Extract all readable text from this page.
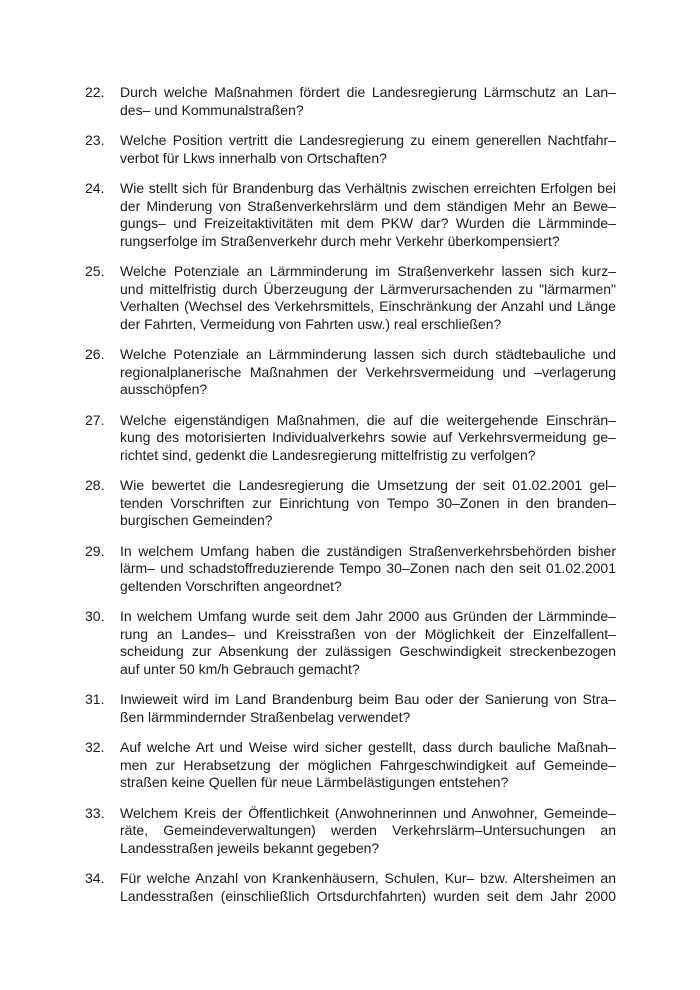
22.	Durch welche Maßnahmen fördert die Landesregierung Lärmschutz an Lan–
des– und Kommunalstraßen?
23.	Welche Position vertritt die Landesregierung zu einem generellen Nachtfahr–
verbot für Lkws innerhalb von Ortschaften?
24.	Wie stellt sich für Brandenburg das Verhältnis zwischen erreichten Erfolgen bei
der Minderung von Straßenverkehrslärm und dem ständigen Mehr an Bewe–
gungs– und Freizeitaktivitäten mit dem PKW dar? Wurden die Lärmminde–
rungserfolge im Straßenverkehr durch mehr Verkehr überkompensiert?
25.	Welche Potenziale an Lärmminderung im Straßenverkehr lassen sich kurz–
und mittelfristig durch Überzeugung der Lärmverursachenden zu "lärmarmen"
Verhalten (Wechsel des Verkehrsmittels, Einschränkung der Anzahl und Länge
der Fahrten, Vermeidung von Fahrten usw.) real erschließen?
26.	Welche Potenziale an Lärmminderung lassen sich durch städtebauliche und
regionalplanerische Maßnahmen der Verkehrsvermeidung und –verlagerung
ausschöpfen?
27.	Welche eigenständigen Maßnahmen, die auf die weitergehende Einschrän–
kung des motorisierten Individualverkehrs sowie auf Verkehrsvermeidung ge–
richtet sind, gedenkt die Landesregierung mittelfristig zu verfolgen?
28.	Wie bewertet die Landesregierung die Umsetzung der seit 01.02.2001 gel–
tenden Vorschriften zur Einrichtung von Tempo 30–Zonen in den branden–
burgischen Gemeinden?
29.	In welchem Umfang haben die zuständigen Straßenverkehrsbehörden bisher
lärm– und schadstoffreduzierende Tempo 30–Zonen nach den seit 01.02.2001
geltenden Vorschriften angeordnet?
30.	In welchem Umfang wurde seit dem Jahr 2000 aus Gründen der Lärmminde–
rung an Landes– und Kreisstraßen von der Möglichkeit der Einzelfallent–
scheidung zur Absenkung der zulässigen Geschwindigkeit streckenbezogen
auf unter 50 km/h Gebrauch gemacht?
31.	Inwieweit wird im Land Brandenburg beim Bau oder der Sanierung von Stra–
ßen lärmmindernder Straßenbelag verwendet?
32.	Auf welche Art und Weise wird sicher gestellt, dass durch bauliche Maßnah–
men zur Herabsetzung der möglichen Fahrgeschwindigkeit auf Gemeinde–
straßen keine Quellen für neue Lärmbelästigungen entstehen?
33.	Welchem Kreis der Öffentlichkeit (Anwohnerinnen und Anwohner, Gemeinde–
räte, Gemeindeverwaltungen) werden Verkehrslärm–Untersuchungen an
Landesstraßen jeweils bekannt gegeben?
34.	Für welche Anzahl von Krankenhäusern, Schulen, Kur– bzw. Altersheimen an
Landesstraßen (einschließlich Ortsdurchfahrten) wurden seit dem Jahr 2000
